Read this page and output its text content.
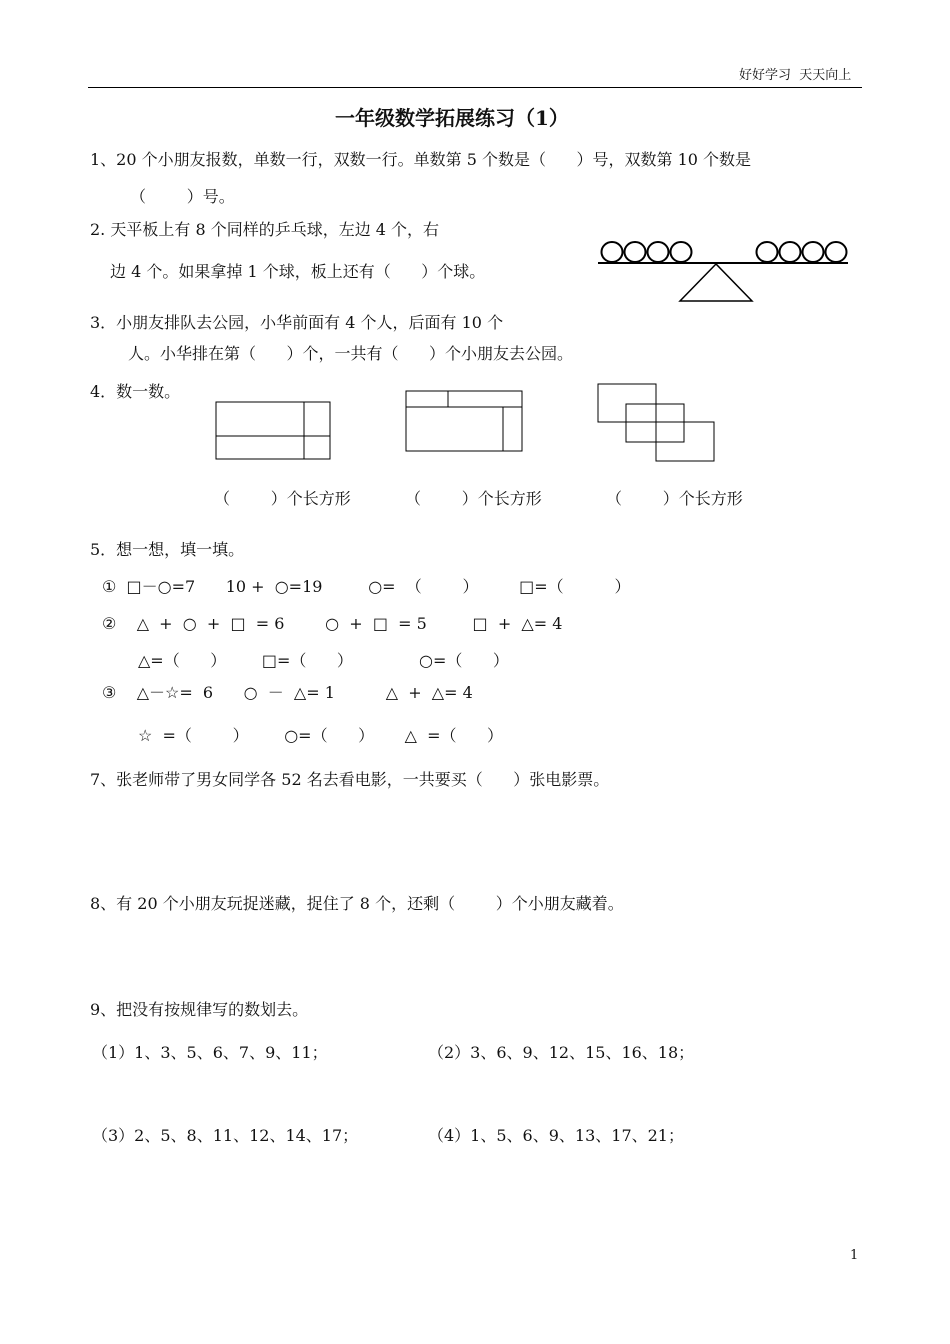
好好学习  天天向上
一年级数学拓展练习（1）
1、20 个小朋友报数，单数一行，双数一行。单数第 5 个数是（      ）号，双数第 10 个数是
（        ）号。
2. 天平板上有 8 个同样的乒乓球，左边 4 个，右
边 4 个。如果拿掉 1 个球，板上还有（      ）个球。
3．小朋友排队去公园，小华前面有 4 个人，后面有 10 个
人。小华排在第（      ）个，一共有（      ）个小朋友去公园。
4．数一数。
（        ）个长方形	（        ）个长方形	（        ）个长方形
5．想一想，填一填。
①  □－○=7      10 +  ○=19         ○=  （        ）        □=（          ）
②    △  +  ○  +  □  = 6        ○  +  □  = 5         □  +  △= 4
△=（      ）       □=（      ）             ○=（      ）
③    △－☆=  6      ○  －  △= 1          △  +  △= 4
☆  =（        ）       ○=（      ）      △  =（      ）
7、张老师带了男女同学各 52 名去看电影，一共要买（      ）张电影票。
8、有 20 个小朋友玩捉迷藏，捉住了 8 个，还剩（        ）个小朋友藏着。
9、把没有按规律写的数划去。
（1）1、3、5、6、7、9、11；	（2）3、6、9、12、15、16、18；
（3）2、5、8、11、12、14、17；	（4）1、5、6、9、13、17、21；
1
